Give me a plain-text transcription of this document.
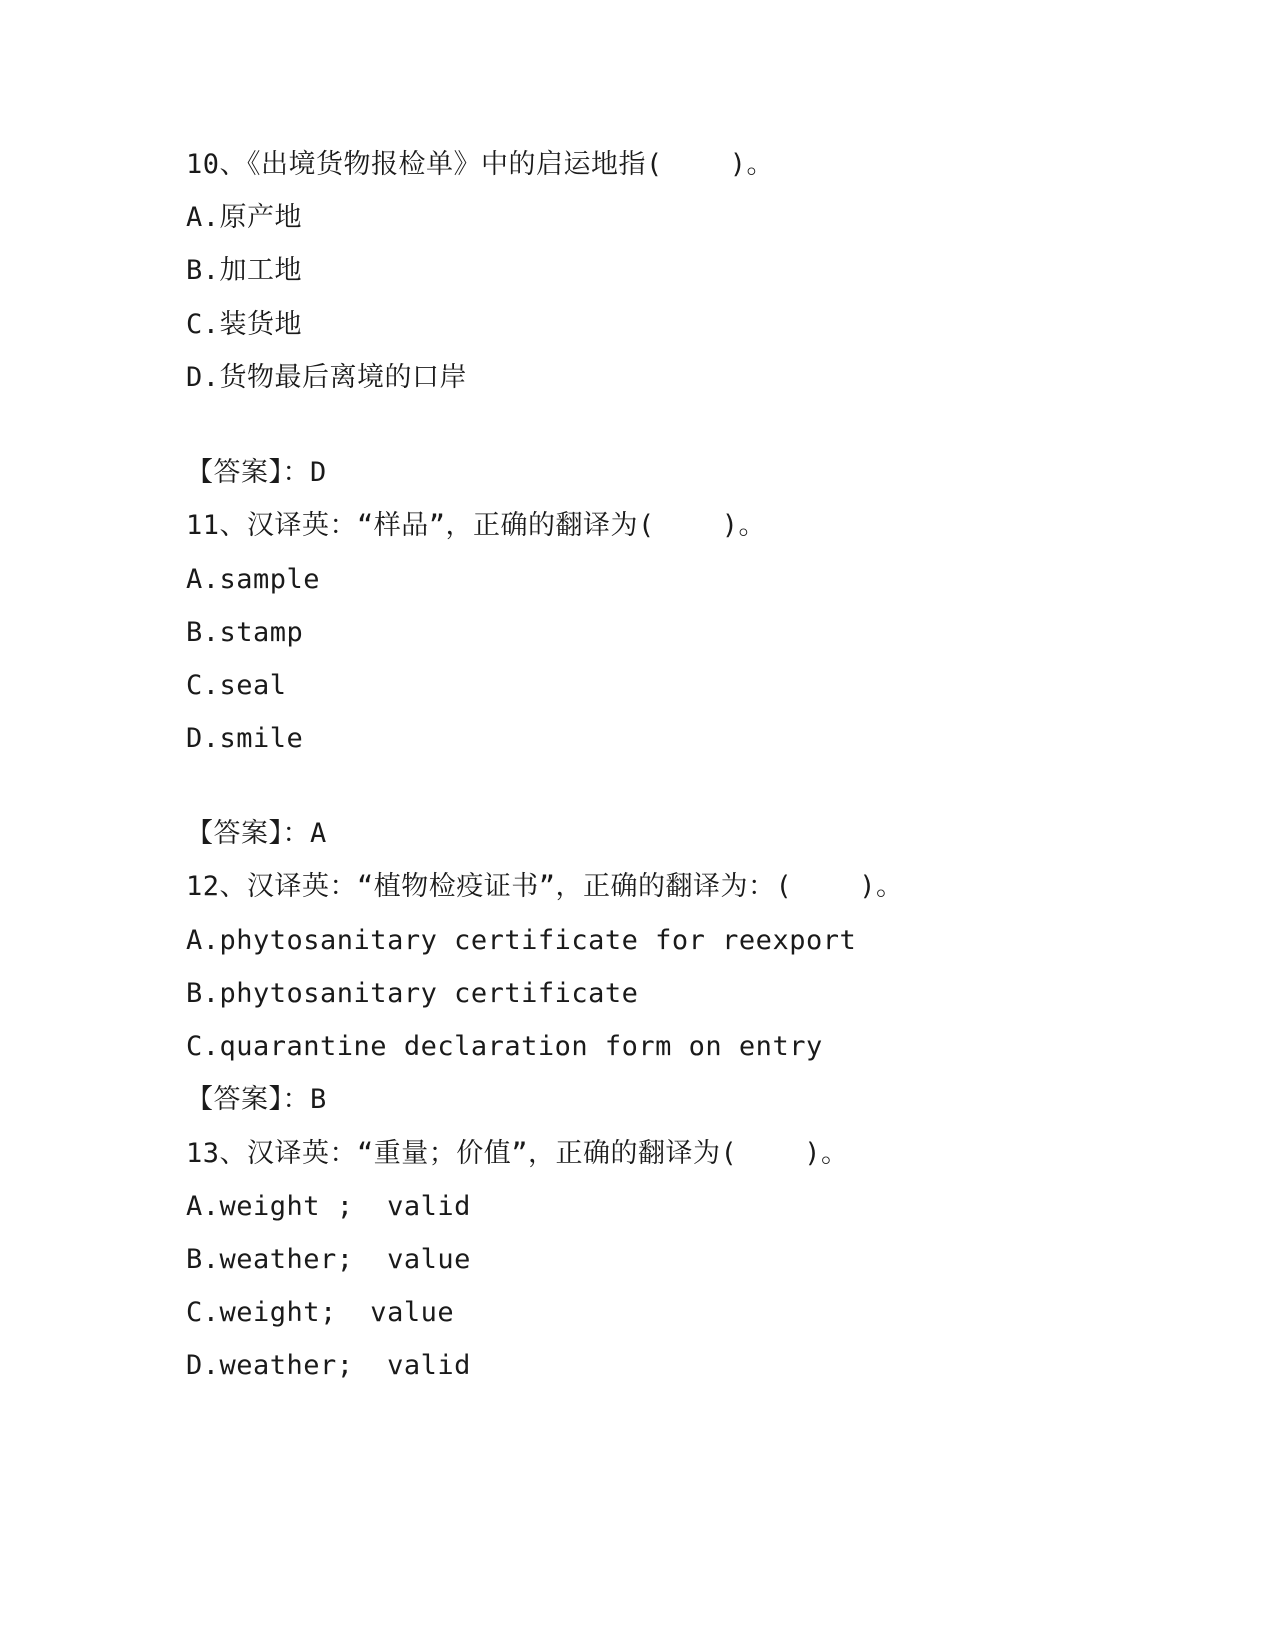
10、《出境货物报检单》中的启运地指(    )。
A.原产地
B.加工地
C.装货地
D.货物最后离境的口岸
【答案】：D
11、汉译英：“样品”，正确的翻译为(    )。
A.sample
B.stamp
C.seal
D.smile
【答案】：A
12、汉译英：“植物检疫证书”，正确的翻译为：(    )。
A.phytosanitary certificate for reexport
B.phytosanitary certificate
C.quarantine declaration form on entry
【答案】：B
13、汉译英：“重量；价值”，正确的翻译为(    )。
A.weight ;  valid
B.weather;  value
C.weight;  value
D.weather;  valid
